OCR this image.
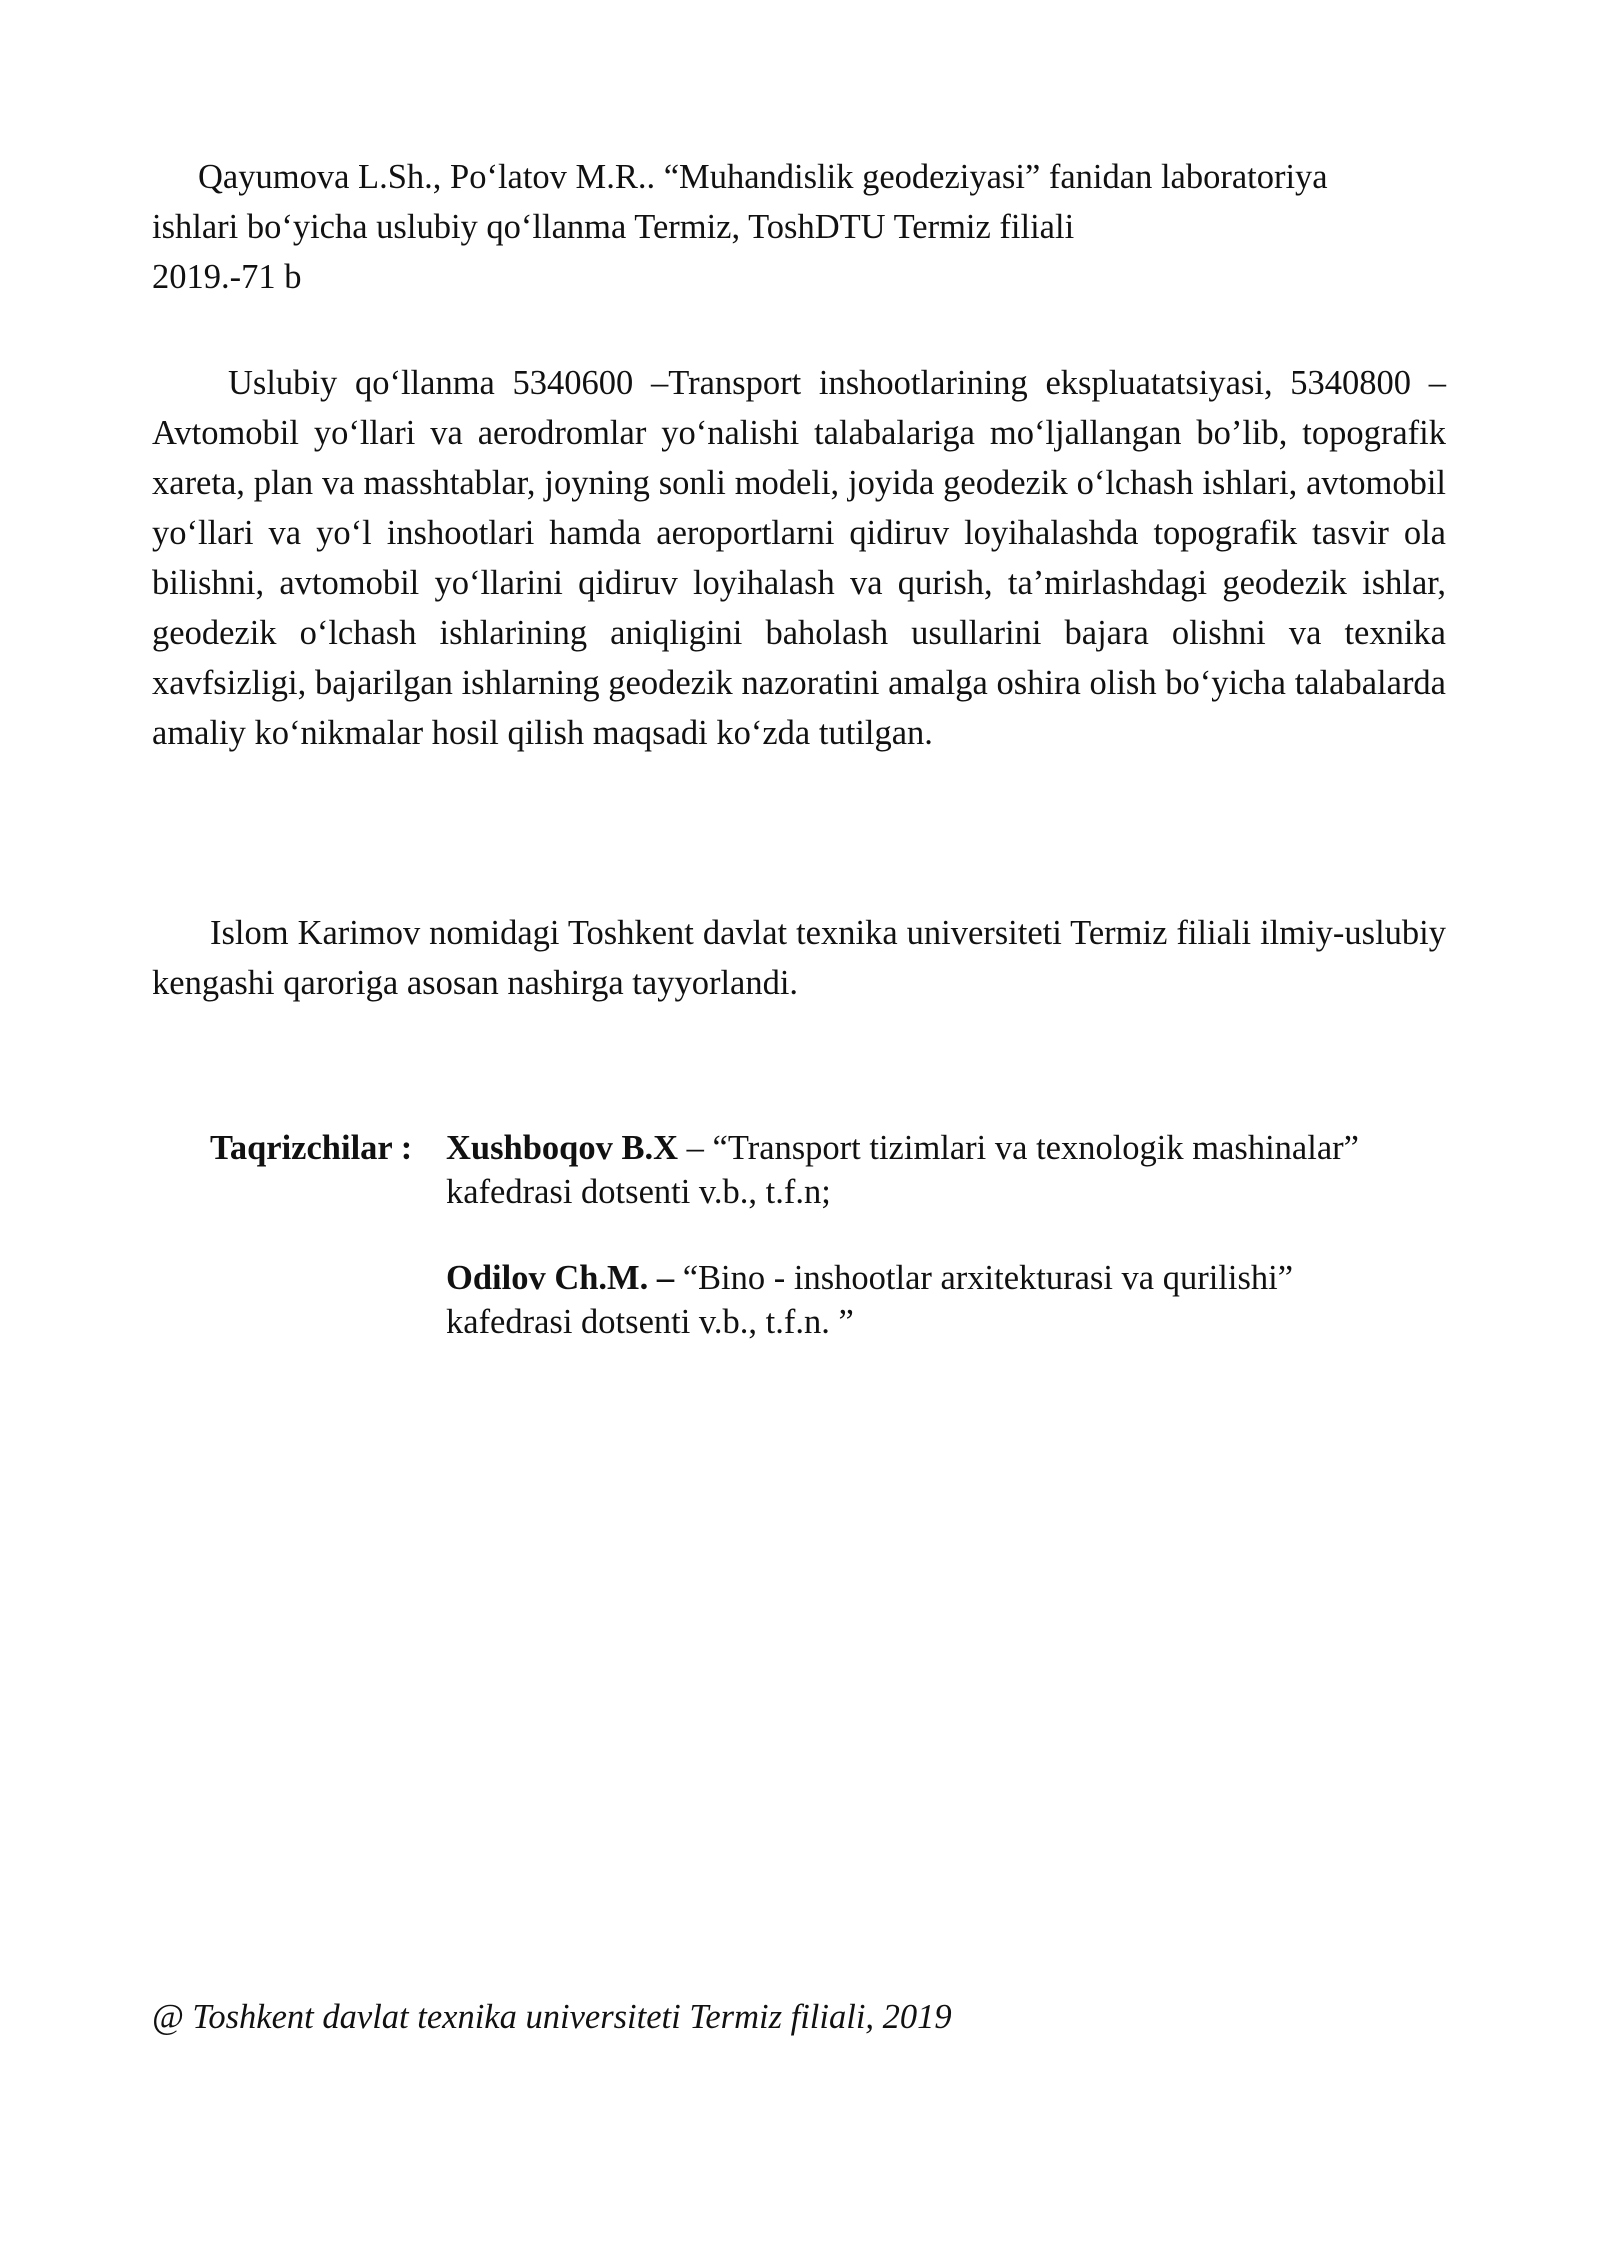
Qayumova L.Sh., Poʻlatov M.R.. “Muhandislik geodeziyasi” fanidan laboratoriya
ishlari boʻyicha uslubiy qoʻllanma Termiz, ToshDTU Termiz filiali
2019.-71 b
Uslubiy qoʻllanma 5340600 –Transport inshootlarining ekspluatatsiyasi, 5340800 – Avtomobil yoʻllari va aerodromlar yoʻnalishi talabalariga moʻljallangan bo’lib, topografik xareta, plan va masshtablar, joyning sonli modeli, joyida geodezik oʻlchash ishlari, avtomobil yoʻllari va yoʻl inshootlari hamda aeroportlarni qidiruv loyihalashda topografik tasvir ola bilishni, avtomobil yoʻllarini qidiruv loyihalash va qurish, ta’mirlashdagi geodezik ishlar, geodezik oʻlchash ishlarining aniqligini baholash usullarini bajara olishni va texnika xavfsizligi, bajarilgan ishlarning geodezik nazoratini amalga oshira olish boʻyicha talabalarda amaliy koʻnikmalar hosil qilish maqsadi koʻzda tutilgan.
Islom Karimov nomidagi Toshkent davlat texnika universiteti Termiz filiali ilmiy-uslubiy kengashi qaroriga asosan nashirga tayyorlandi.
Taqrizchilar : Xushboqov B.X – “Transport tizimlari va texnologik mashinalar”
kafedrasi dotsenti v.b., t.f.n;
Odilov Ch.M. – “Bino - inshootlar arxitekturasi va qurilishi”
kafedrasi dotsenti v.b., t.f.n. ”
@ Toshkent davlat texnika universiteti Termiz filiali, 2019
